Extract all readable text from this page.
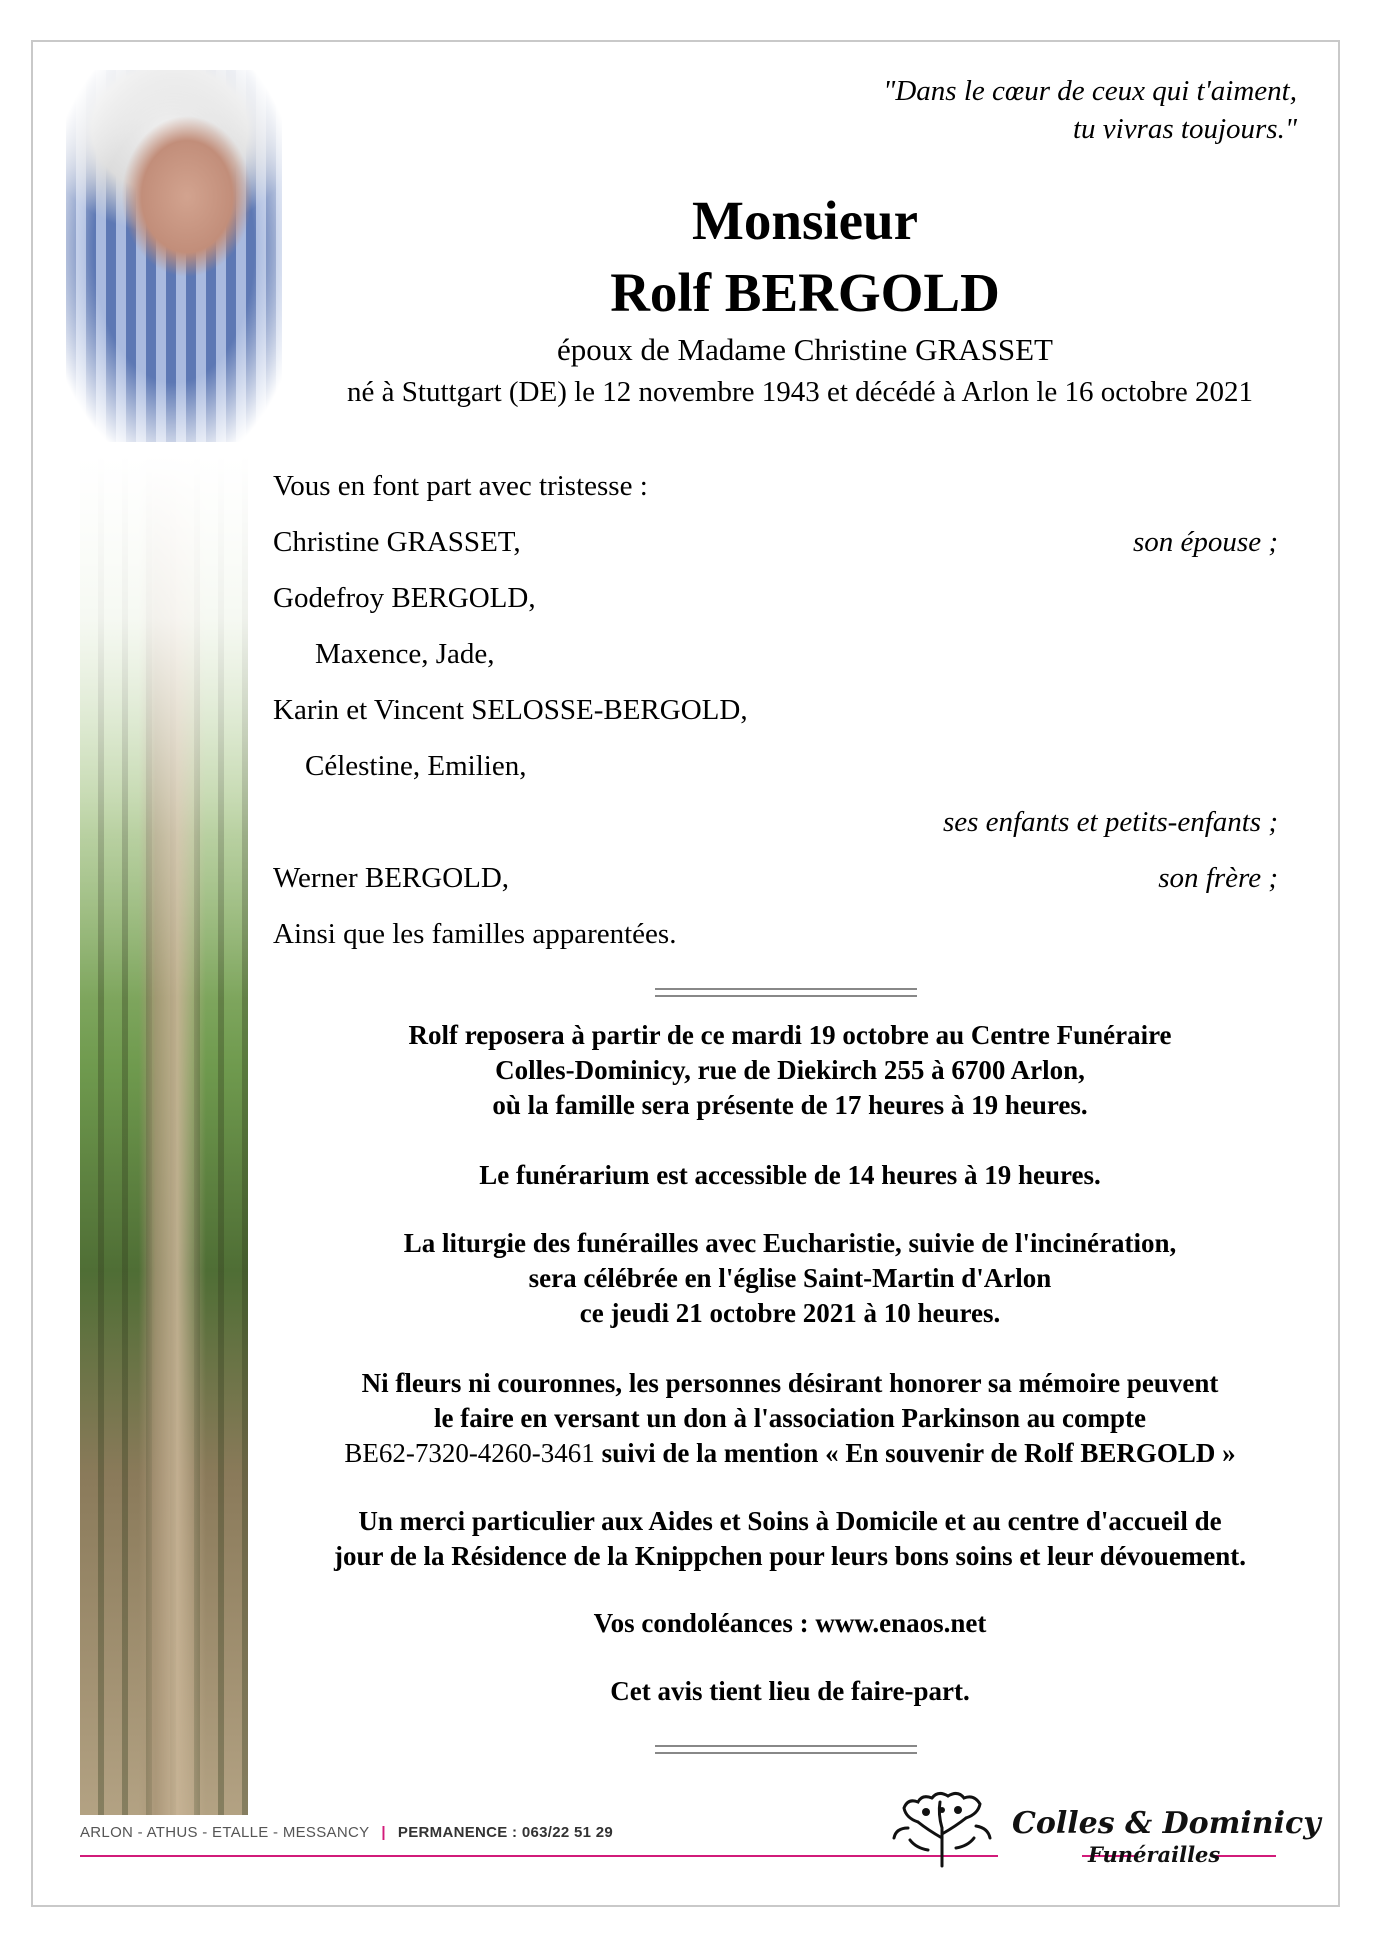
"Dans le cœur de ceux qui t'aiment,
tu vivras toujours."
Monsieur
Rolf BERGOLD
époux de Madame Christine GRASSET
né à Stuttgart (DE) le 12 novembre 1943 et décédé à Arlon le 16 octobre 2021
Vous en font part avec tristesse :
Christine GRASSET,	son épouse ;
Godefroy BERGOLD,
Maxence, Jade,
Karin et Vincent SELOSSE-BERGOLD,
Célestine, Emilien,
ses enfants et petits-enfants ;
Werner BERGOLD,	son frère ;
Ainsi que les familles apparentées.
Rolf reposera à partir de ce mardi 19 octobre au Centre Funéraire
Colles-Dominicy, rue de Diekirch 255 à 6700 Arlon,
où la famille sera présente de 17 heures à 19 heures.
Le funérarium est accessible de 14 heures à 19 heures.
La liturgie des funérailles avec Eucharistie, suivie de l'incinération,
sera célébrée en l'église Saint-Martin d'Arlon
ce jeudi 21 octobre 2021 à 10 heures.
Ni fleurs ni couronnes, les personnes désirant honorer sa mémoire peuvent
le faire en versant un don à l'association Parkinson au compte
BE62-7320-4260-3461 suivi de la mention « En souvenir de Rolf BERGOLD »
Un merci particulier aux Aides et Soins à Domicile et au centre d'accueil de
jour de la Résidence de la Knippchen pour leurs bons soins et leur dévouement.
Vos condoléances : www.enaos.net
Cet avis tient lieu de faire-part.
ARLON - ATHUS - ETALLE - MESSANCY | PERMANENCE : 063/22 51 29	Colles & Dominicy
Funérailles
